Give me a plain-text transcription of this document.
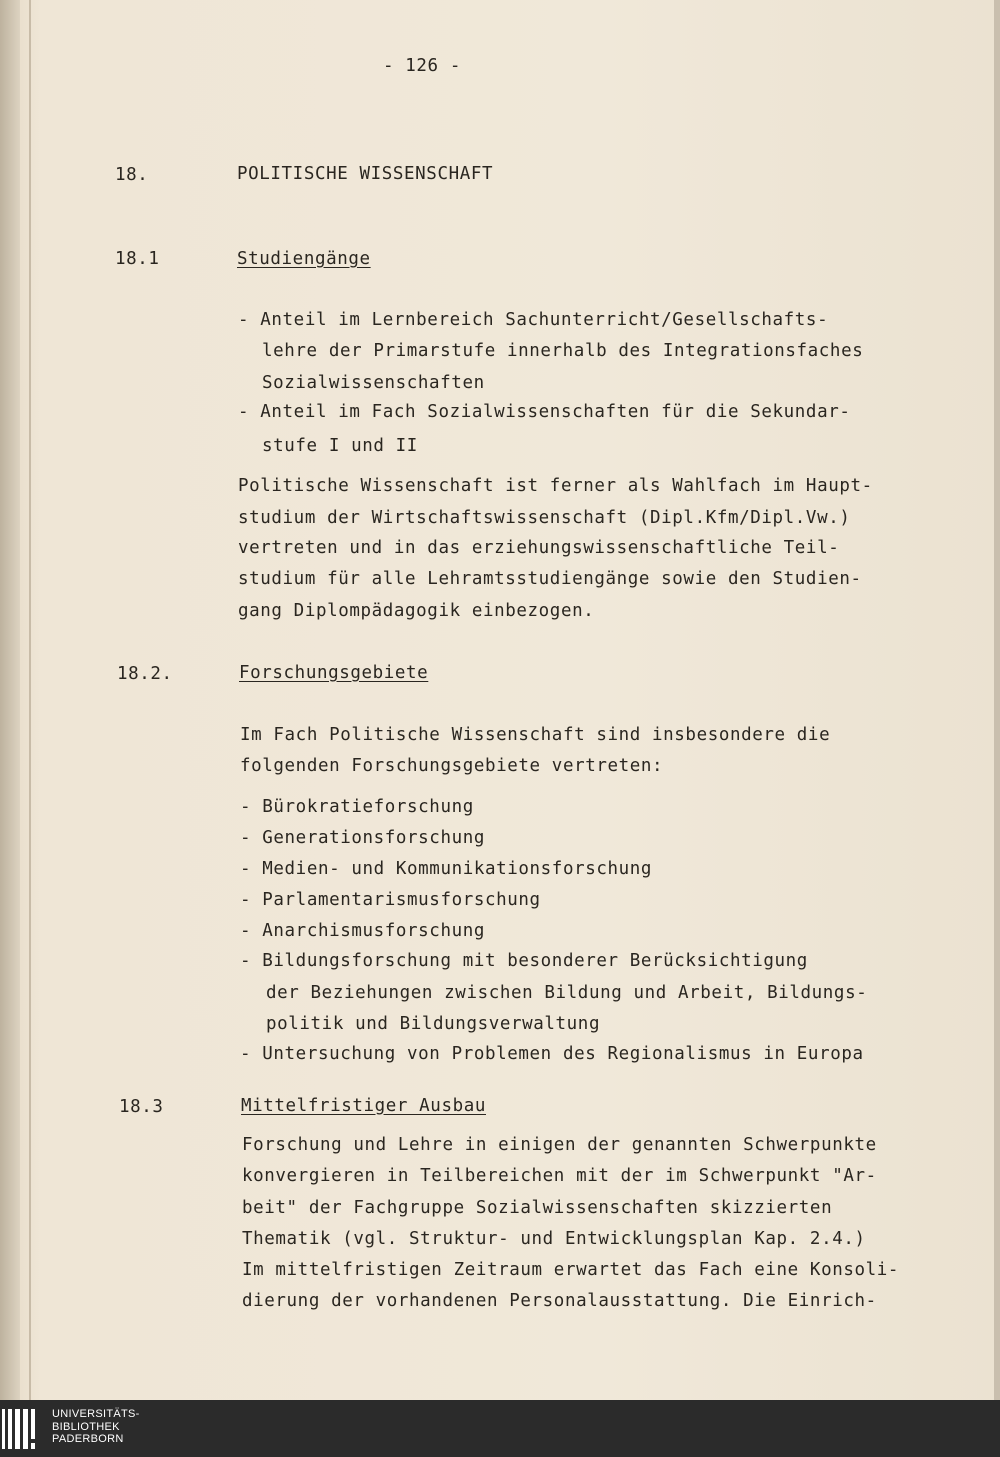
- 126 -
18.	POLITISCHE WISSENSCHAFT
18.1	Studiengänge
- Anteil im Lernbereich Sachunterricht/Gesellschafts-
lehre der Primarstufe innerhalb des Integrationsfaches
Sozialwissenschaften
- Anteil im Fach Sozialwissenschaften für die Sekundar-
stufe I und II
Politische Wissenschaft ist ferner als Wahlfach im Haupt-
studium der Wirtschaftswissenschaft (Dipl.Kfm/Dipl.Vw.)
vertreten und in das erziehungswissenschaftliche Teil-
studium für alle Lehramtsstudiengänge sowie den Studien-
gang Diplompädagogik einbezogen.
18.2.	Forschungsgebiete
Im Fach Politische Wissenschaft sind insbesondere die
folgenden Forschungsgebiete vertreten:
- Bürokratieforschung
- Generationsforschung
- Medien- und Kommunikationsforschung
- Parlamentarismusforschung
- Anarchismusforschung
- Bildungsforschung mit besonderer Berücksichtigung
der Beziehungen zwischen Bildung und Arbeit, Bildungs-
politik und Bildungsverwaltung
- Untersuchung von Problemen des Regionalismus in Europa
18.3	Mittelfristiger Ausbau
Forschung und Lehre in einigen der genannten Schwerpunkte
konvergieren in Teilbereichen mit der im Schwerpunkt "Ar-
beit" der Fachgruppe Sozialwissenschaften skizzierten
Thematik (vgl. Struktur- und Entwicklungsplan Kap. 2.4.)
Im mittelfristigen Zeitraum erwartet das Fach eine Konsoli-
dierung der vorhandenen Personalausstattung. Die Einrich-
UNIVERSITÄTS-
BIBLIOTHEK
PADERBORN
